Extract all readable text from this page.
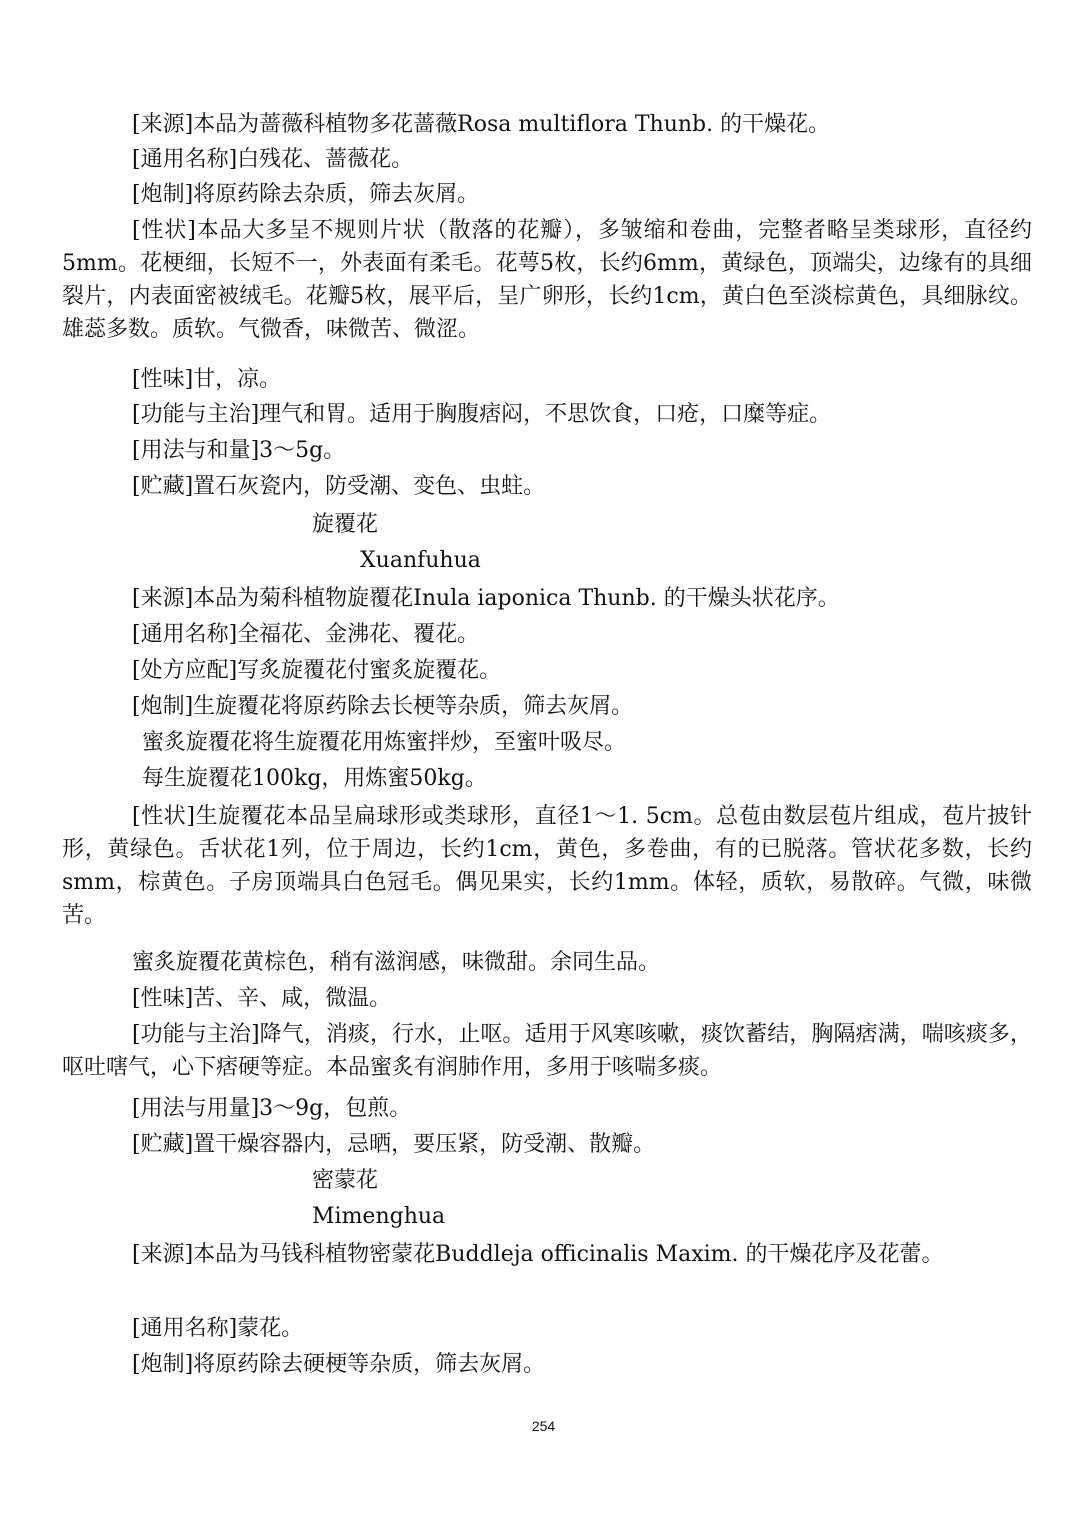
[来源]本品为蔷薇科植物多花蔷薇Rosa multiflora Thunb. 的干燥花。
[通用名称]白残花、蔷薇花。
[炮制]将原药除去杂质，筛去灰屑。
[性状]本品大多呈不规则片状（散落的花瓣），多皱缩和卷曲，完整者略呈类球形，直径约5mm。花梗细，长短不一，外表面有柔毛。花萼5枚，长约6mm，黄绿色，顶端尖，边缘有的具细裂片，内表面密被绒毛。花瓣5枚，展平后，呈广卵形，长约1cm，黄白色至淡棕黄色，具细脉纹。雄蕊多数。质软。气微香，味微苦、微涩。
[性味]甘，凉。
[功能与主治]理气和胃。适用于胸腹痞闷，不思饮食，口疮，口糜等症。
[用法与和量]3～5g。
[贮藏]置石灰瓷内，防受潮、变色、虫蛀。
旋覆花
Xuanfuhua
[来源]本品为菊科植物旋覆花Inula iaponica Thunb. 的干燥头状花序。
[通用名称]全福花、金沸花、覆花。
[处方应配]写炙旋覆花付蜜炙旋覆花。
[炮制]生旋覆花将原药除去长梗等杂质，筛去灰屑。
蜜炙旋覆花将生旋覆花用炼蜜拌炒，至蜜叶吸尽。
每生旋覆花100kg，用炼蜜50kg。
[性状]生旋覆花本品呈扁球形或类球形，直径1～1. 5cm。总苞由数层苞片组成，苞片披针形，黄绿色。舌状花1列，位于周边，长约1cm，黄色，多卷曲，有的已脱落。管状花多数，长约smm，棕黄色。子房顶端具白色冠毛。偶见果实，长约1mm。体轻，质软，易散碎。气微，味微苦。
蜜炙旋覆花黄棕色，稍有滋润感，味微甜。余同生品。
[性味]苦、辛、咸，微温。
[功能与主治]降气，消痰，行水，止呕。适用于风寒咳嗽，痰饮蓄结，胸隔痞满，喘咳痰多，呕吐嗐气，心下痞硬等症。本品蜜炙有润肺作用，多用于咳喘多痰。
[用法与用量]3～9g，包煎。
[贮藏]置干燥容器内，忌晒，要压紧，防受潮、散瓣。
密蒙花
Mimenghua
[来源]本品为马钱科植物密蒙花Buddleja officinalis Maxim. 的干燥花序及花蕾。
[通用名称]蒙花。
[炮制]将原药除去硬梗等杂质，筛去灰屑。
254
